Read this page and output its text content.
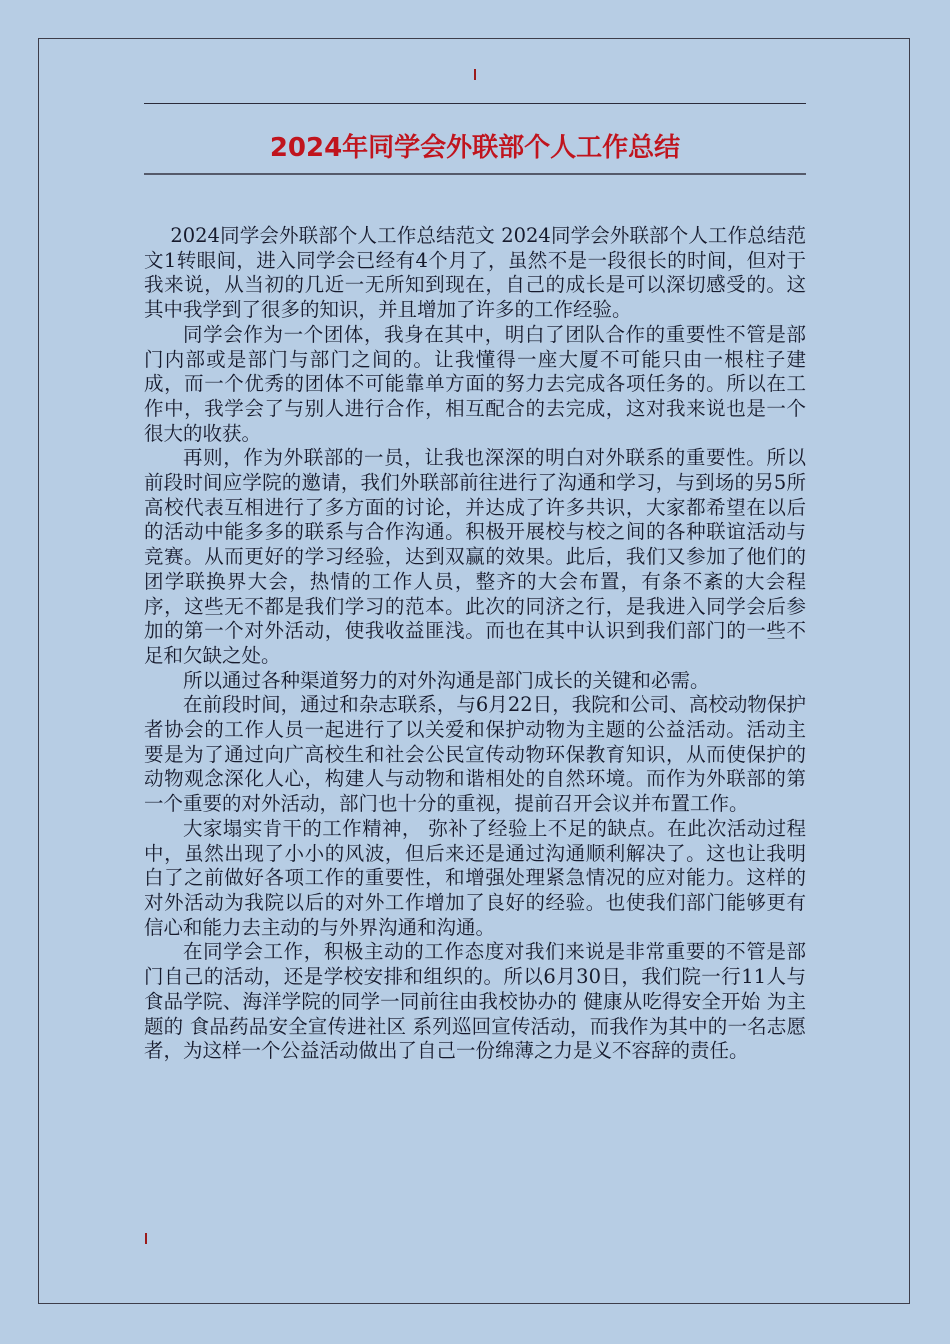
2024年同学会外联部个人工作总结

2024同学会外联部个人工作总结范文 2024同学会外联部个人工作总结范文1转眼间，进入同学会已经有4个月了，虽然不是一段很长的时间，但对于我来说，从当初的几近一无所知到现在，自己的成长是可以深切感受的。这其中我学到了很多的知识，并且增加了许多的工作经验。

同学会作为一个团体，我身在其中，明白了团队合作的重要性不管是部门内部或是部门与部门之间的。让我懂得一座大厦不可能只由一根柱子建成，而一个优秀的团体不可能靠单方面的努力去完成各项任务的。所以在工作中，我学会了与别人进行合作，相互配合的去完成，这对我来说也是一个很大的收获。

再则，作为外联部的一员，让我也深深的明白对外联系的重要性。所以前段时间应学院的邀请，我们外联部前往进行了沟通和学习，与到场的另5所高校代表互相进行了多方面的讨论，并达成了许多共识，大家都希望在以后的活动中能多多的联系与合作沟通。积极开展校与校之间的各种联谊活动与竞赛。从而更好的学习经验，达到双赢的效果。此后，我们又参加了他们的团学联换界大会，热情的工作人员，整齐的大会布置，有条不紊的大会程序，这些无不都是我们学习的范本。此次的同济之行，是我进入同学会后参加的第一个对外活动，使我收益匪浅。而也在其中认识到我们部门的一些不足和欠缺之处。

所以通过各种渠道努力的对外沟通是部门成长的关键和必需。

在前段时间，通过和杂志联系，与6月22日，我院和公司、高校动物保护者协会的工作人员一起进行了以关爱和保护动物为主题的公益活动。活动主要是为了通过向广高校生和社会公民宣传动物环保教育知识，从而使保护的动物观念深化人心，构建人与动物和谐相处的自然环境。而作为外联部的第一个重要的对外活动，部门也十分的重视，提前召开会议并布置工作。

大家塌实肯干的工作精神， 弥补了经验上不足的缺点。在此次活动过程中，虽然出现了小小的风波，但后来还是通过沟通顺利解决了。这也让我明白了之前做好各项工作的重要性，和增强处理紧急情况的应对能力。这样的对外活动为我院以后的对外工作增加了良好的经验。也使我们部门能够更有信心和能力去主动的与外界沟通和沟通。

在同学会工作，积极主动的工作态度对我们来说是非常重要的不管是部门自己的活动，还是学校安排和组织的。所以6月30日，我们院一行11人与食品学院、海洋学院的同学一同前往由我校协办的 健康从吃得安全开始 为主题的 食品药品安全宣传进社区 系列巡回宣传活动，而我作为其中的一名志愿者，为这样一个公益活动做出了自己一份绵薄之力是义不容辞的责任。
